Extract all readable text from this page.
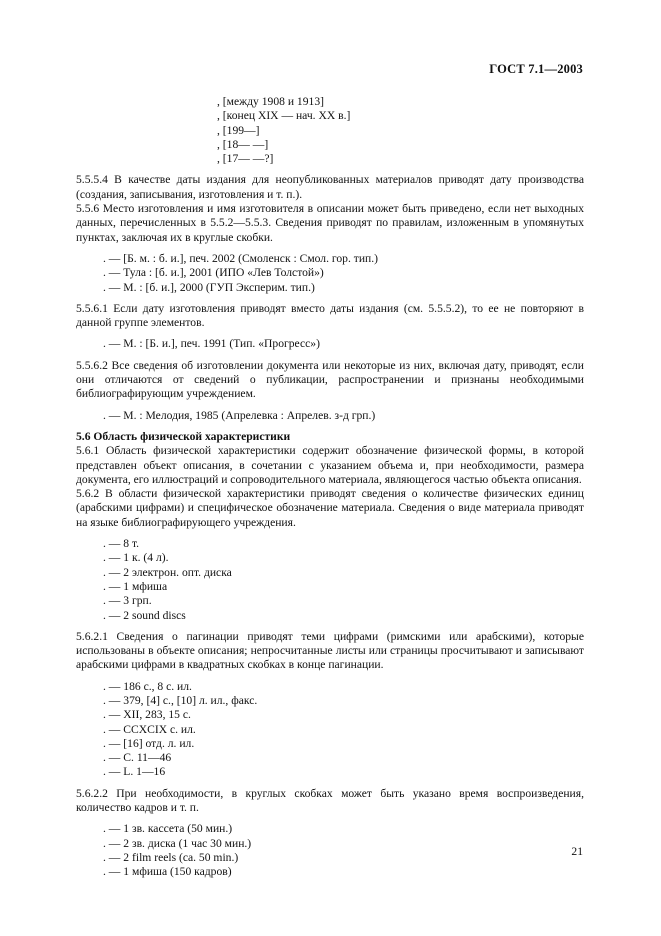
ГОСТ 7.1—2003

, [между 1908 и 1913]

, [конец XIX — нач. XX в.]

, [199—]

, [18— —]

, [17— —?]

5.5.5.4 В качестве даты издания для неопубликованных материалов приводят дату производства (создания, записывания, изготовления и т. п.).

5.5.6 Место изготовления и имя изготовителя в описании может быть приведено, если нет выходных данных, перечисленных в 5.5.2—5.5.3. Сведения приводят по правилам, изложенным в упомянутых пунктах, заключая их в круглые скобки.

. — [Б. м. : б. и.], печ. 2002 (Смоленск : Смол. гор. тип.)

. — Тула : [б. и.], 2001 (ИПО «Лев Толстой»)

. — М. : [б. и.], 2000 (ГУП Эксперим. тип.)

5.5.6.1 Если дату изготовления приводят вместо даты издания (см. 5.5.5.2), то ее не повторяют в данной группе элементов.

. — М. : [Б. и.], печ. 1991 (Тип. «Прогресс»)

5.5.6.2 Все сведения об изготовлении документа или некоторые из них, включая дату, приводят, если они отличаются от сведений о публикации, распространении и признаны необходимыми библиографирующим учреждением.

. — М. : Мелодия, 1985 (Апрелевка : Апрелев. з-д грп.)

5.6 Область физической характеристики

5.6.1 Область физической характеристики содержит обозначение физической формы, в которой представлен объект описания, в сочетании с указанием объема и, при необходимости, размера документа, его иллюстраций и сопроводительного материала, являющегося частью объекта описания.

5.6.2 В области физической характеристики приводят сведения о количестве физических единиц (арабскими цифрами) и специфическое обозначение материала. Сведения о виде материала приводят на языке библиографирующего учреждения.

. — 8 т.

. — 1 к. (4 л).

. — 2 электрон. опт. диска

. — 1 мфиша

. — 3 грп.

. — 2 sound discs

5.6.2.1 Сведения о пагинации приводят теми цифрами (римскими или арабскими), которые использованы в объекте описания; непросчитанные листы или страницы просчитывают и записывают арабскими цифрами в квадратных скобках в конце пагинации.

. — 186 с., 8 с. ил.

. — 379, [4] с., [10] л. ил., факс.

. — XII, 283, 15 с.

. — CCXCIX с. ил.

. — [16] отд. л. ил.

. — С. 11—46

. — L. 1—16

5.6.2.2 При необходимости, в круглых скобках может быть указано время воспроизведения, количество кадров и т. п.

. — 1 зв. кассета (50 мин.)

. — 2 зв. диска (1 час 30 мин.)

. — 2 film reels (ca. 50 min.)

. — 1 мфиша (150 кадров)

21
